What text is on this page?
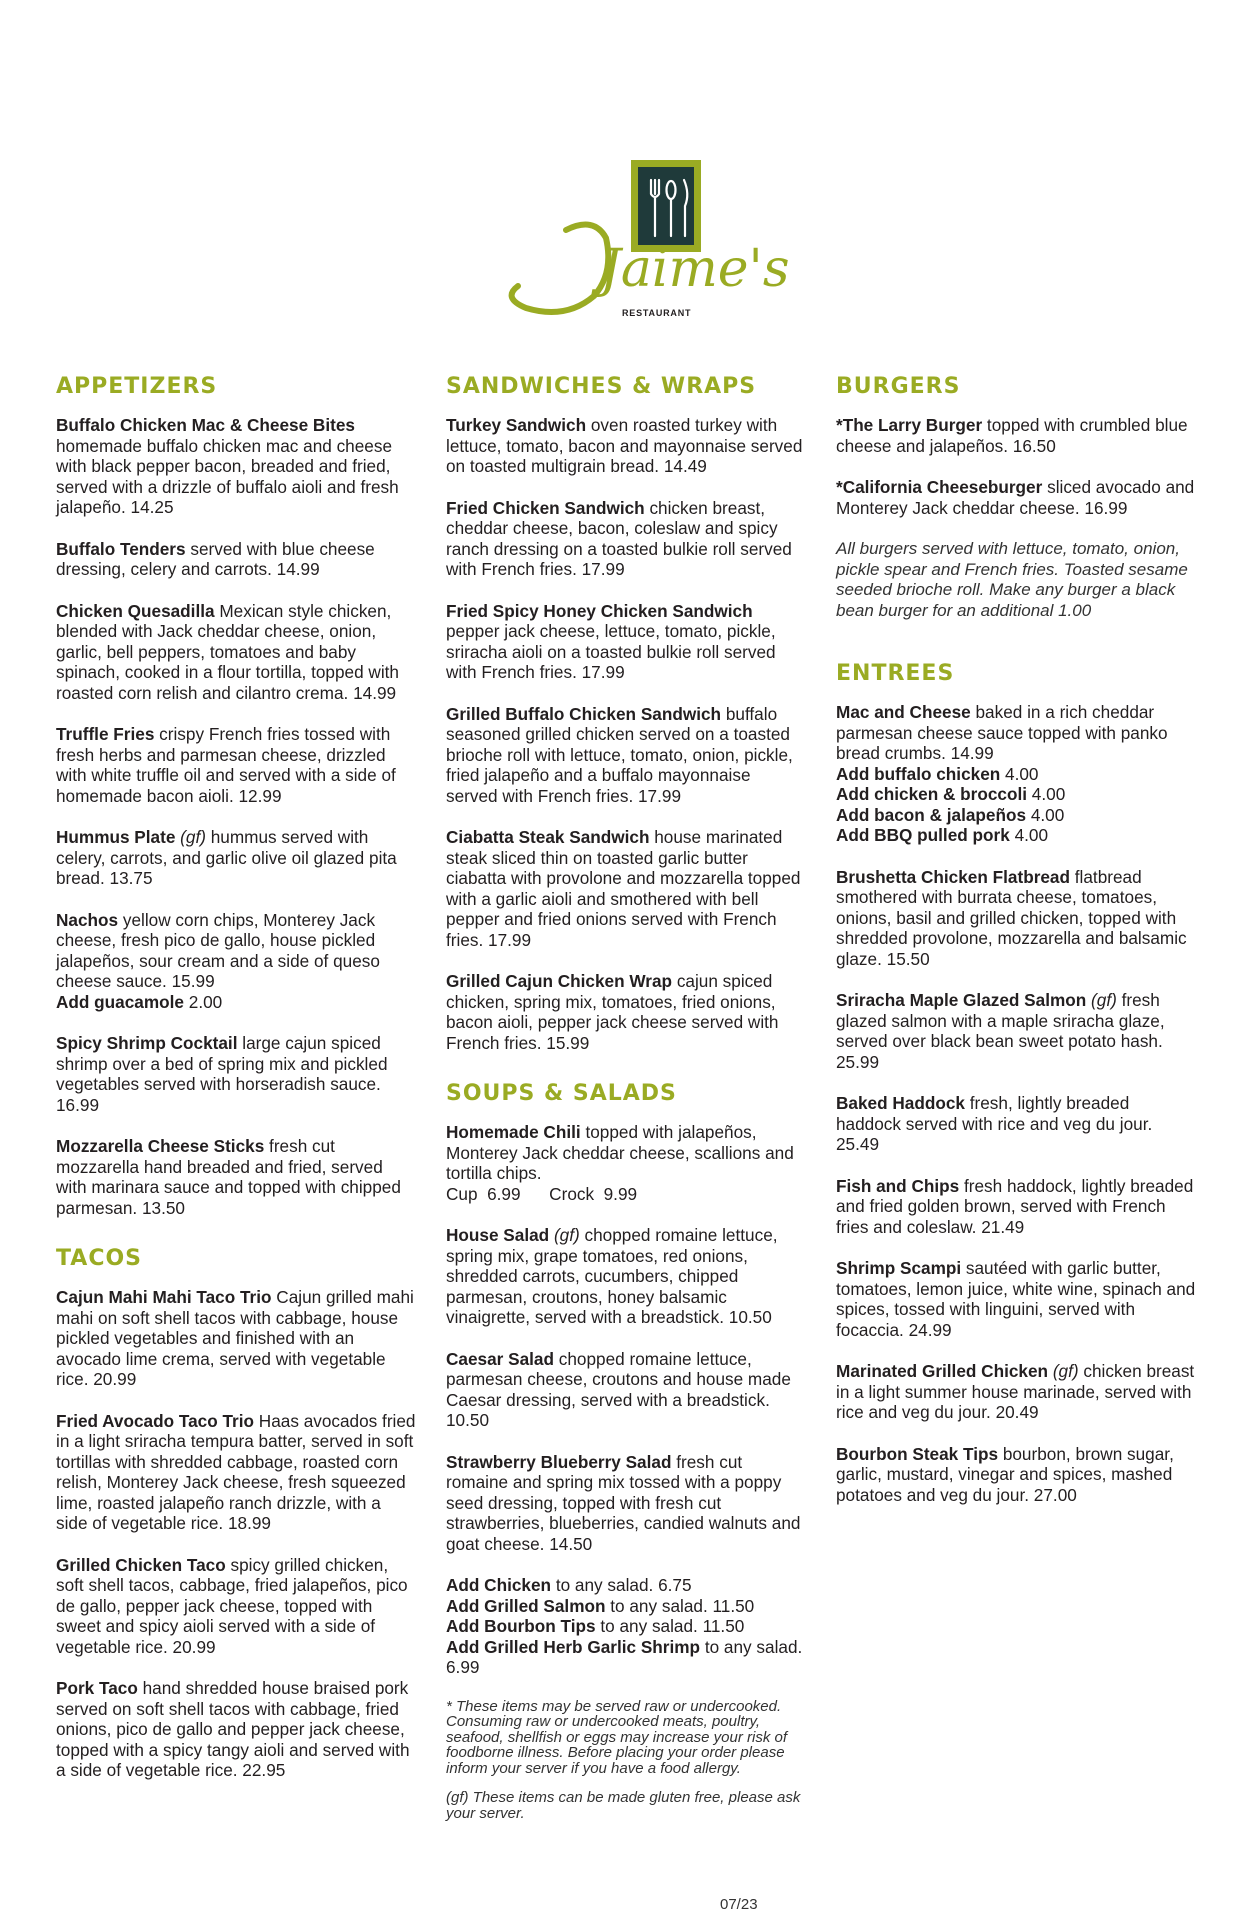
Jaime's
RESTAURANT
APPETIZERS

Buffalo Chicken Mac & Cheese Bites homemade buffalo chicken mac and cheese with black pepper bacon, breaded and fried, served with a drizzle of buffalo aioli and fresh jalapeño. 14.25

Buffalo Tenders served with blue cheese dressing, celery and carrots. 14.99

Chicken Quesadilla Mexican style chicken, blended with Jack cheddar cheese, onion, garlic, bell peppers, tomatoes and baby spinach, cooked in a flour tortilla, topped with roasted corn relish and cilantro crema. 14.99

Truffle Fries crispy French fries tossed with fresh herbs and parmesan cheese, drizzled with white truffle oil and served with a side of homemade bacon aioli. 12.99

Hummus Plate (gf) hummus served with celery, carrots, and garlic olive oil glazed pita bread. 13.75

Nachos yellow corn chips, Monterey Jack cheese, fresh pico de gallo, house pickled jalapeños, sour cream and a side of queso cheese sauce. 15.99
Add guacamole 2.00

Spicy Shrimp Cocktail large cajun spiced shrimp over a bed of spring mix and pickled vegetables served with horseradish sauce. 16.99

Mozzarella Cheese Sticks fresh cut mozzarella hand breaded and fried, served with marinara sauce and topped with chipped parmesan. 13.50

TACOS

Cajun Mahi Mahi Taco Trio Cajun grilled mahi mahi on soft shell tacos with cabbage, house pickled vegetables and finished with an avocado lime crema, served with vegetable rice. 20.99

Fried Avocado Taco Trio Haas avocados fried in a light sriracha tempura batter, served in soft tortillas with shredded cabbage, roasted corn relish, Monterey Jack cheese, fresh squeezed lime, roasted jalapeño ranch drizzle, with a side of vegetable rice. 18.99

Grilled Chicken Taco spicy grilled chicken, soft shell tacos, cabbage, fried jalapeños, pico de gallo, pepper jack cheese, topped with sweet and spicy aioli served with a side of vegetable rice. 20.99

Pork Taco hand shredded house braised pork served on soft shell tacos with cabbage, fried onions, pico de gallo and pepper jack cheese, topped with a spicy tangy aioli and served with a side of vegetable rice. 22.95

SANDWICHES & WRAPS

Turkey Sandwich oven roasted turkey with lettuce, tomato, bacon and mayonnaise served on toasted multigrain bread. 14.49

Fried Chicken Sandwich chicken breast, cheddar cheese, bacon, coleslaw and spicy ranch dressing on a toasted bulkie roll served with French fries. 17.99

Fried Spicy Honey Chicken Sandwich pepper jack cheese, lettuce, tomato, pickle, sriracha aioli on a toasted bulkie roll served with French fries. 17.99

Grilled Buffalo Chicken Sandwich buffalo seasoned grilled chicken served on a toasted brioche roll with lettuce, tomato, onion, pickle, fried jalapeño and a buffalo mayonnaise served with French fries. 17.99

Ciabatta Steak Sandwich house marinated steak sliced thin on toasted garlic butter ciabatta with provolone and mozzarella topped with a garlic aioli and smothered with bell pepper and fried onions served with French fries. 17.99

Grilled Cajun Chicken Wrap cajun spiced chicken, spring mix, tomatoes, fried onions, bacon aioli, pepper jack cheese served with French fries. 15.99

SOUPS & SALADS

Homemade Chili topped with jalapeños, Monterey Jack cheddar cheese, scallions and tortilla chips.
Cup  6.99      Crock  9.99

House Salad (gf) chopped romaine lettuce, spring mix, grape tomatoes, red onions, shredded carrots, cucumbers, chipped parmesan, croutons, honey balsamic vinaigrette, served with a breadstick. 10.50

Caesar Salad chopped romaine lettuce, parmesan cheese, croutons and house made Caesar dressing, served with a breadstick. 10.50

Strawberry Blueberry Salad fresh cut romaine and spring mix tossed with a poppy seed dressing, topped with fresh cut strawberries, blueberries, candied walnuts and goat cheese. 14.50

Add Chicken to any salad. 6.75
Add Grilled Salmon to any salad. 11.50
Add Bourbon Tips to any salad. 11.50
Add Grilled Herb Garlic Shrimp to any salad. 6.99

* These items may be served raw or undercooked. Consuming raw or undercooked meats, poultry, seafood, shellfish or eggs may increase your risk of foodborne illness. Before placing your order please inform your server if you have a food allergy.

(gf) These items can be made gluten free, please ask your server.

BURGERS

*The Larry Burger topped with crumbled blue cheese and jalapeños. 16.50

*California Cheeseburger sliced avocado and Monterey Jack cheddar cheese. 16.99

All burgers served with lettuce, tomato, onion, pickle spear and French fries. Toasted sesame seeded brioche roll. Make any burger a black bean burger for an additional 1.00

ENTREES

Mac and Cheese baked in a rich cheddar parmesan cheese sauce topped with panko bread crumbs. 14.99
Add buffalo chicken 4.00
Add chicken & broccoli 4.00
Add bacon & jalapeños 4.00
Add BBQ pulled pork 4.00

Brushetta Chicken Flatbread flatbread smothered with burrata cheese, tomatoes, onions, basil and grilled chicken, topped with shredded provolone, mozzarella and balsamic glaze. 15.50

Sriracha Maple Glazed Salmon (gf) fresh glazed salmon with a maple sriracha glaze, served over black bean sweet potato hash. 25.99

Baked Haddock fresh, lightly breaded haddock served with rice and veg du jour. 25.49

Fish and Chips fresh haddock, lightly breaded and fried golden brown, served with French fries and coleslaw. 21.49

Shrimp Scampi sautéed with garlic butter, tomatoes, lemon juice, white wine, spinach and spices, tossed with linguini, served with focaccia. 24.99

Marinated Grilled Chicken (gf) chicken breast in a light summer house marinade, served with rice and veg du jour. 20.49

Bourbon Steak Tips bourbon, brown sugar, garlic, mustard, vinegar and spices, mashed potatoes and veg du jour. 27.00

07/23
